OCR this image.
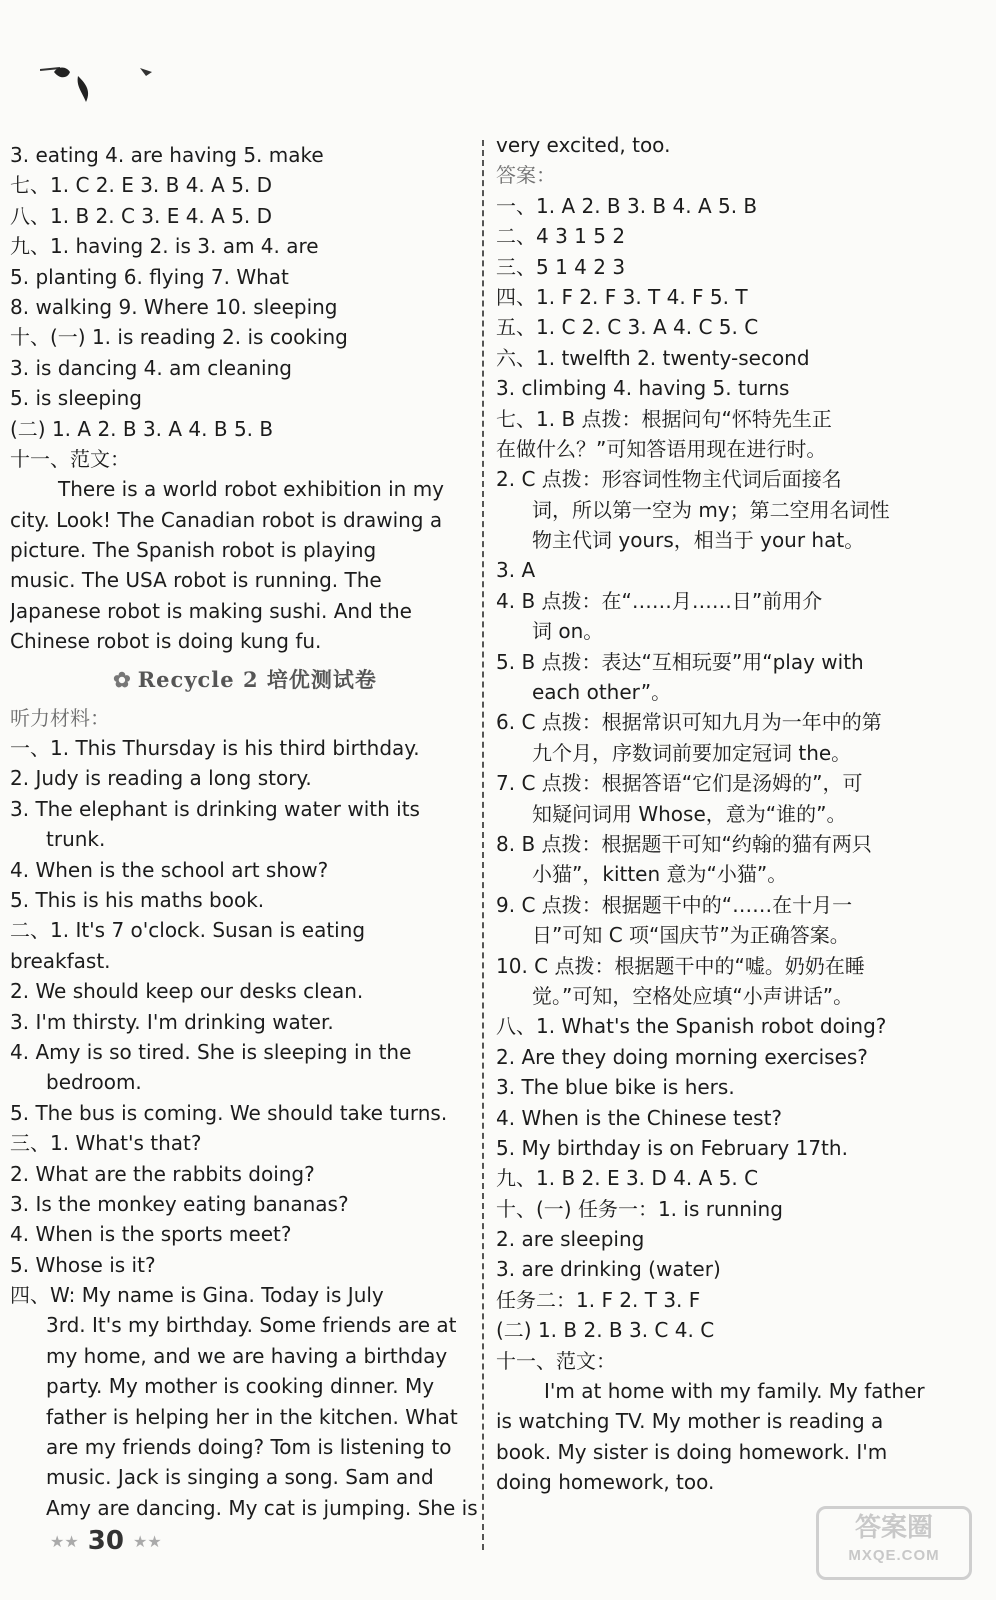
3. eating 4. are having 5. make
七、1. C 2. E 3. B 4. A 5. D
八、1. B 2. C 3. E 4. A 5. D
九、1. having 2. is 3. am 4. are
5. planting 6. flying 7. What
8. walking 9. Where 10. sleeping
十、(一) 1. is reading 2. is cooking
3. is dancing 4. am cleaning
5. is sleeping
(二) 1. A 2. B 3. A 4. B 5. B
十一、范文：
There is a world robot exhibition in my
city. Look! The Canadian robot is drawing a
picture. The Spanish robot is playing
music. The USA robot is running. The
Japanese robot is making sushi. And the
Chinese robot is doing kung fu.
✿ Recycle 2 培优测试卷
听力材料：
一、1. This Thursday is his third birthday.
2. Judy is reading a long story.
3. The elephant is drinking water with its
trunk.
4. When is the school art show?
5. This is his maths book.
二、1. It's 7 o'clock. Susan is eating
breakfast.
2. We should keep our desks clean.
3. I'm thirsty. I'm drinking water.
4. Amy is so tired. She is sleeping in the
bedroom.
5. The bus is coming. We should take turns.
三、1. What's that?
2. What are the rabbits doing?
3. Is the monkey eating bananas?
4. When is the sports meet?
5. Whose is it?
四、W: My name is Gina. Today is July
3rd. It's my birthday. Some friends are at
my home, and we are having a birthday
party. My mother is cooking dinner. My
father is helping her in the kitchen. What
are my friends doing? Tom is listening to
music. Jack is singing a song. Sam and
Amy are dancing. My cat is jumping. She is
very excited, too.
答案：
一、1. A 2. B 3. B 4. A 5. B
二、4 3 1 5 2
三、5 1 4 2 3
四、1. F 2. F 3. T 4. F 5. T
五、1. C 2. C 3. A 4. C 5. C
六、1. twelfth 2. twenty-second
3. climbing 4. having 5. turns
七、1. B 点拨：根据问句“怀特先生正
在做什么？”可知答语用现在进行时。
2. C 点拨：形容词性物主代词后面接名
词，所以第一空为 my；第二空用名词性
物主代词 yours，相当于 your hat。
3. A
4. B 点拨：在“……月……日”前用介
词 on。
5. B 点拨：表达“互相玩耍”用“play with
each other”。
6. C 点拨：根据常识可知九月为一年中的第
九个月，序数词前要加定冠词 the。
7. C 点拨：根据答语“它们是汤姆的”，可
知疑问词用 Whose，意为“谁的”。
8. B 点拨：根据题干可知“约翰的猫有两只
小猫”，kitten 意为“小猫”。
9. C 点拨：根据题干中的“……在十月一
日”可知 C 项“国庆节”为正确答案。
10. C 点拨：根据题干中的“嘘。奶奶在睡
觉。”可知，空格处应填“小声讲话”。
八、1. What's the Spanish robot doing?
2. Are they doing morning exercises?
3. The blue bike is hers.
4. When is the Chinese test?
5. My birthday is on February 17th.
九、1. B 2. E 3. D 4. A 5. C
十、(一) 任务一：1. is running
2. are sleeping
3. are drinking (water)
任务二：1. F 2. T 3. F
(二) 1. B 2. B 3. C 4. C
十一、范文：
I'm at home with my family. My father
is watching TV. My mother is reading a
book. My sister is doing homework. I'm
doing homework, too.
★★ 30 ★★	答案圈
MXQE.COM
